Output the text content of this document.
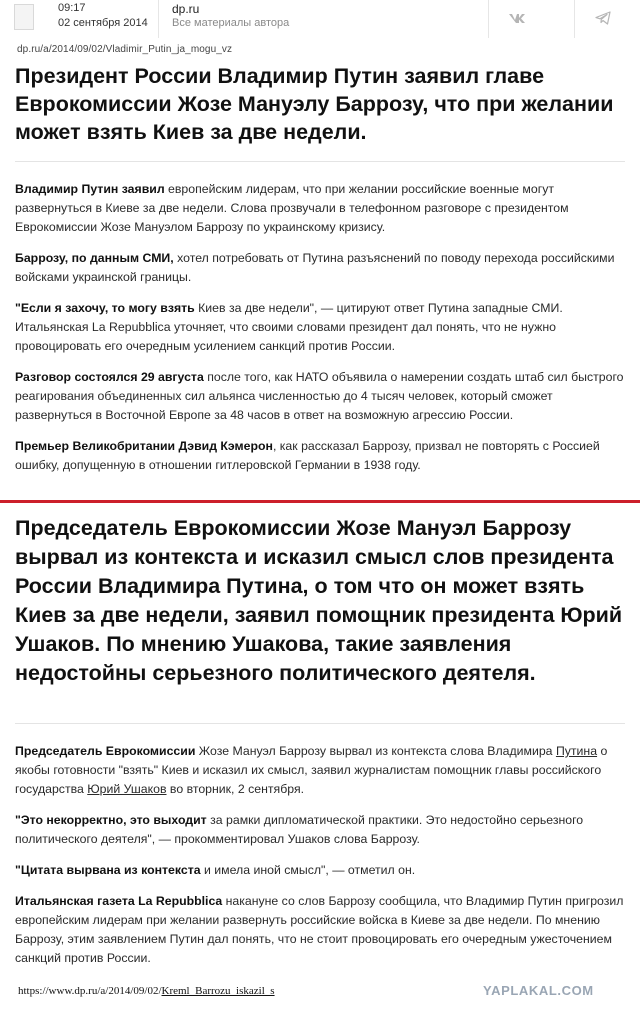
09:17
02 сентября 2014
dp.ru
Все материалы автора
dp.ru/a/2014/09/02/Vladimir_Putin_ja_mogu_vz
Президент России Владимир Путин заявил главе Еврокомиссии Жозе Мануэлу Баррозу, что при желании может взять Киев за две недели.

Владимир Путин заявил европейским лидерам, что при желании российские военные могут развернуться в Киеве за две недели. Слова прозвучали в телефонном разговоре с президентом Еврокомиссии Жозе Мануэлом Баррозу по украинскому кризису.

Баррозу, по данным СМИ, хотел потребовать от Путина разъяснений по поводу перехода российскими войсками украинской границы.

"Если я захочу, то могу взять Киев за две недели", — цитируют ответ Путина западные СМИ. Итальянская La Repubblica уточняет, что своими словами президент дал понять, что не нужно провоцировать его очередным усилением санкций против России.

Разговор состоялся 29 августа после того, как НАТО объявила о намерении создать штаб сил быстрого реагирования объединенных сил альянса численностью до 4 тысяч человек, который сможет развернуться в Восточной Европе за 48 часов в ответ на возможную агрессию России.

Премьер Великобритании Дэвид Кэмерон, как рассказал Баррозу, призвал не повторять с Россией ошибку, допущенную в отношении гитлеровской Германии в 1938 году.

Председатель Еврокомиссии Жозе Мануэл Баррозу вырвал из контекста и исказил смысл слов президента России Владимира Путина, о том что он может взять Киев за две недели, заявил помощник президента Юрий Ушаков. По мнению Ушакова, такие заявления недостойны серьезного политического деятеля.

Председатель Еврокомиссии Жозе Мануэл Баррозу вырвал из контекста слова Владимира Путина о якобы готовности "взять" Киев и исказил их смысл, заявил журналистам помощник главы российского государства Юрий Ушаков во вторник, 2 сентября.

"Это некорректно, это выходит за рамки дипломатической практики. Это недостойно серьезного политического деятеля", — прокомментировал Ушаков слова Баррозу.

"Цитата вырвана из контекста и имела иной смысл", — отметил он.

Итальянская газета La Repubblica накануне со слов Баррозу сообщила, что Владимир Путин пригрозил европейским лидерам при желании развернуть российские войска в Киеве за две недели. По мнению Баррозу, этим заявлением Путин дал понять, что не стоит провоцировать его очередным ужесточением санкций против России.

https://www.dp.ru/a/2014/09/02/Kreml_Barrozu_iskazil_s	YAPLAKAL.COM
